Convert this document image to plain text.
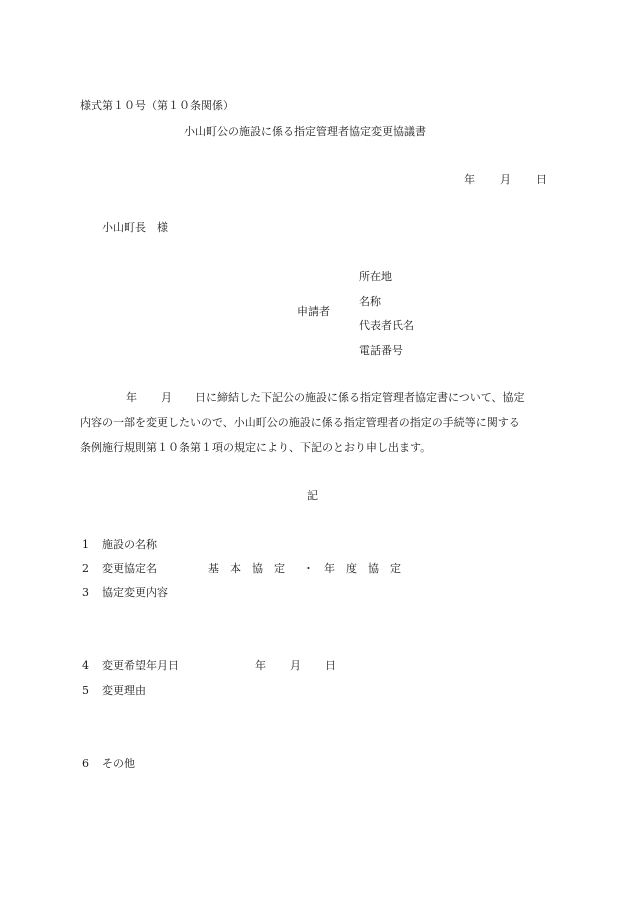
様式第１０号（第１０条関係）
小山町公の施設に係る指定管理者協定変更協議書
年 月 日
小山町長　様
申請者
所在地
名称
代表者氏名
電話番号
年 月 日に締結した下記公の施設に係る指定管理者協定書について、協定
内容の一部を変更したいので、小山町公の施設に係る指定管理者の指定の手続等に関する
条例施行規則第１０条第１項の規定により、下記のとおり申し出ます。
記
1 施設の名称
2 変更協定名	基　本　協　定 ・ 年　度　協　定
3 協定変更内容
4 変更希望年月日	年 月 日
5 変更理由
6 その他
